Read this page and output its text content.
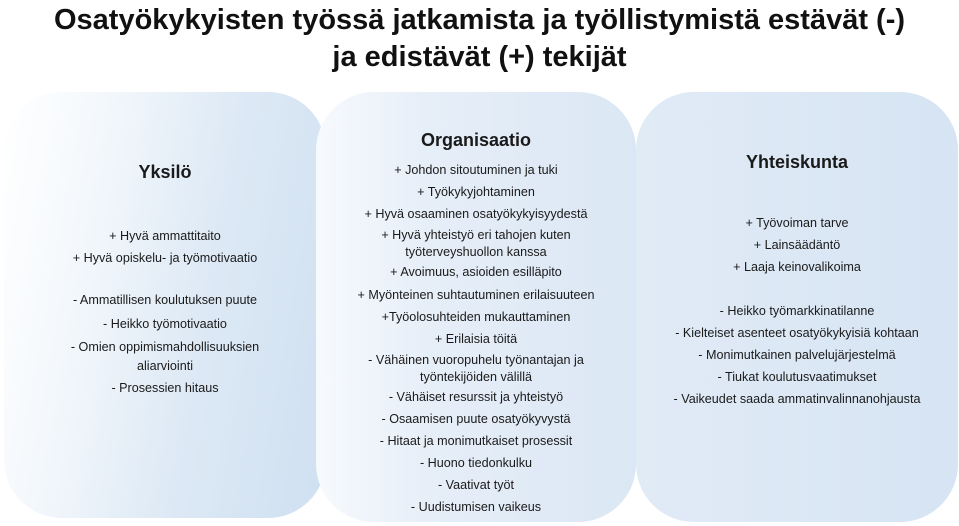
Osatyökykyisten työssä jatkamista ja työllistymistä estävät (-)
ja edistävät (+) tekijät
Yksilö
+ Hyvä ammattitaito
+ Hyvä opiskelu- ja työmotivaatio
- Ammatillisen koulutuksen puute
- Heikko työmotivaatio
- Omien oppimismahdollisuuksien aliarviointi
- Prosessien hitaus
Organisaatio
+ Johdon sitoutuminen ja tuki
+ Työkykyjohtaminen
+ Hyvä osaaminen osatyökykyisyydestä
+ Hyvä yhteistyö eri tahojen kuten työterveyshuollon kanssa
+ Avoimuus, asioiden esilläpito
+ Myönteinen suhtautuminen erilaisuuteen
+Työolosuhteiden mukauttaminen
+ Erilaisia töitä
- Vähäinen vuoropuhelu työnantajan ja työntekijöiden välillä
- Vähäiset resurssit ja yhteistyö
- Osaamisen puute osatyökyvystä
- Hitaat ja monimutkaiset prosessit
- Huono tiedonkulku
- Vaativat työt
- Uudistumisen vaikeus
Yhteiskunta
+ Työvoiman tarve
+ Lainsäädäntö
+ Laaja keinovalikoima
- Heikko työmarkkinatilanne
- Kielteiset asenteet osatyökykyisiä kohtaan
- Monimutkainen palvelujärjestelmä
- Tiukat koulutusvaatimukset
- Vaikeudet saada ammatinvalinnanohjausta
